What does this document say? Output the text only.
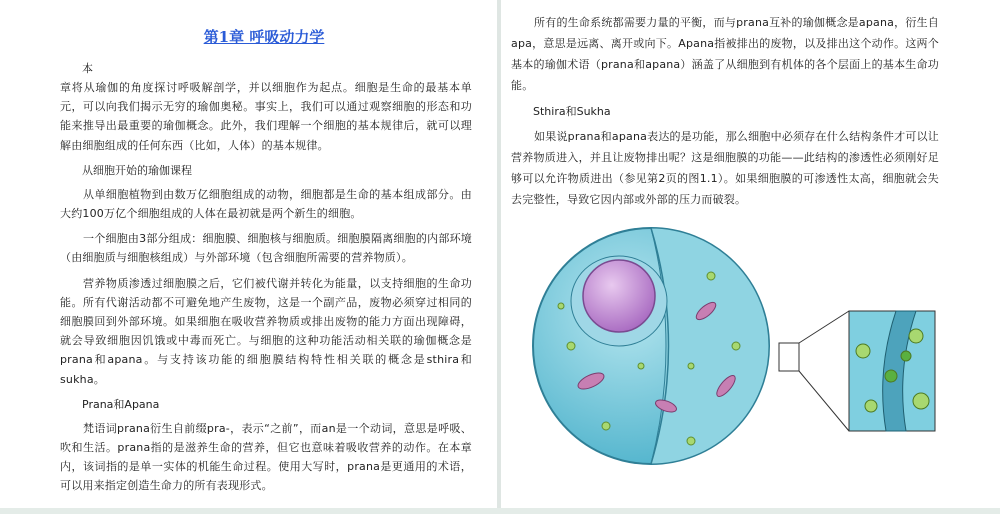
第1章 呼吸动力学
本

章将从瑜伽的角度探讨呼吸解剖学，并以细胞作为起点。细胞是生命的最基本单元，可以向我们揭示无穷的瑜伽奥秘。事实上，我们可以通过观察细胞的形态和功能来推导出最重要的瑜伽概念。此外，我们理解一个细胞的基本规律后，就可以理解由细胞组成的任何东西（比如，人体）的基本规律。

从细胞开始的瑜伽课程

从单细胞植物到由数万亿细胞组成的动物，细胞都是生命的基本组成部分。由大约100万亿个细胞组成的人体在最初就是两个新生的细胞。

一个细胞由3部分组成：细胞膜、细胞核与细胞质。细胞膜隔离细胞的内部环境（由细胞质与细胞核组成）与外部环境（包含细胞所需要的营养物质）。

营养物质渗透过细胞膜之后，它们被代谢并转化为能量，以支持细胞的生命功能。所有代谢活动都不可避免地产生废物，这是一个副产品，废物必须穿过相同的细胞膜回到外部环境。如果细胞在吸收营养物质或排出废物的能力方面出现障碍，就会导致细胞因饥饿或中毒而死亡。与细胞的这种功能活动相关联的瑜伽概念是prana和apana。与支持该功能的细胞膜结构特性相关联的概念是sthira和sukha。

Prana和Apana

梵语词prana衍生自前缀pra-，表示“之前”，而an是一个动词，意思是呼吸、吹和生活。prana指的是滋养生命的营养，但它也意味着吸收营养的动作。在本章内，该词指的是单一实体的机能生命过程。使用大写时，prana是更通用的术语，可以用来指定创造生命力的所有表现形式。

所有的生命系统都需要力量的平衡，而与prana互补的瑜伽概念是apana，衍生自apa，意思是远离、离开或向下。Apana指被排出的废物，以及排出这个动作。这两个基本的瑜伽术语（prana和apana）涵盖了从细胞到有机体的各个层面上的基本生命功能。

Sthira和Sukha

如果说prana和apana表达的是功能，那么细胞中必须存在什么结构条件才可以让营养物质进入，并且让废物排出呢？这是细胞膜的功能——此结构的渗透性必须刚好足够可以允许物质进出（参见第2页的图1.1）。如果细胞膜的可渗透性太高，细胞就会失去完整性，导致它因内部或外部的压力而破裂。
